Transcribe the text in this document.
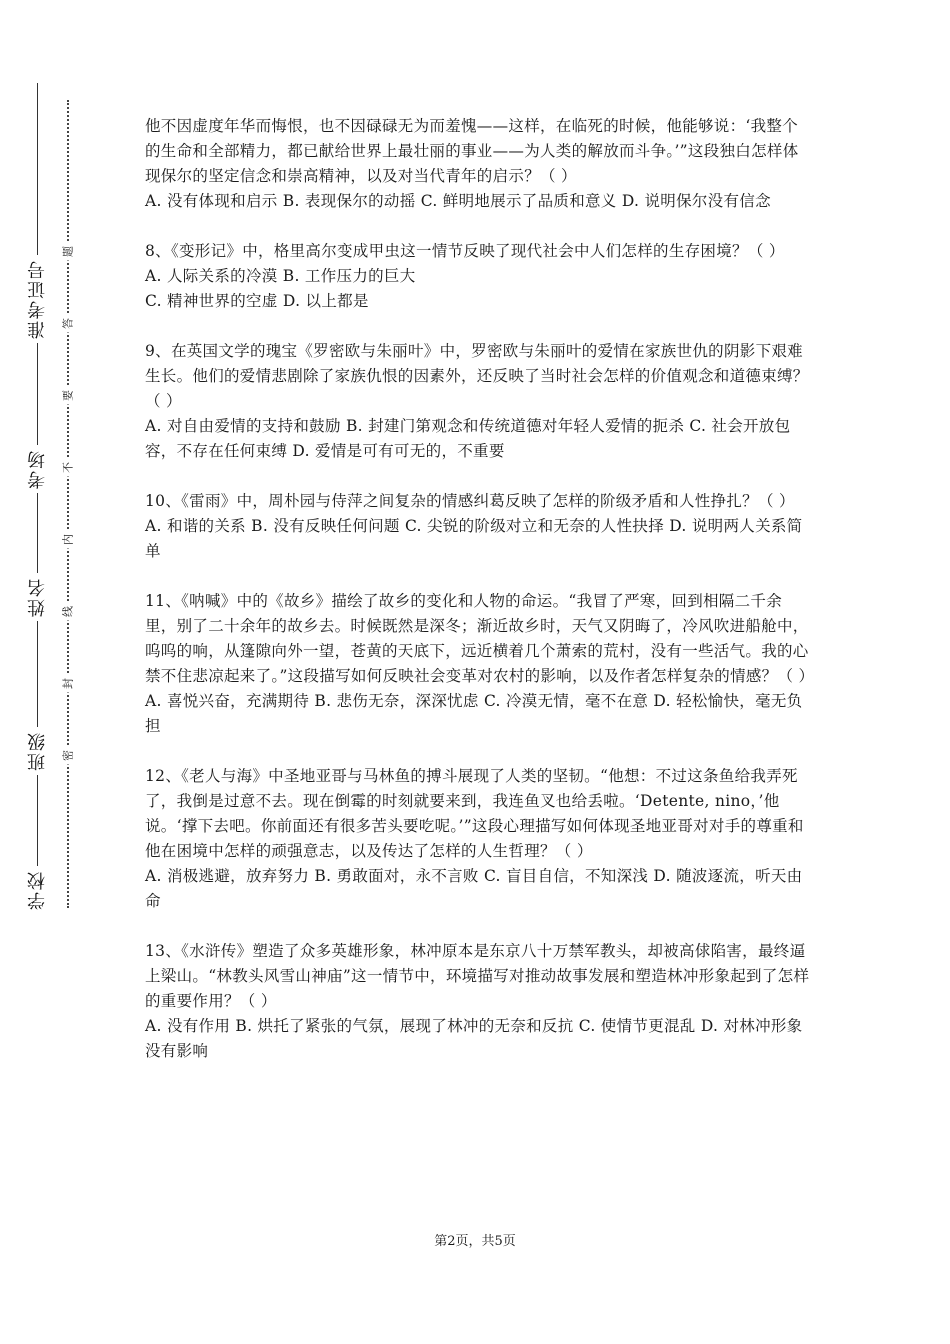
学校
班级
姓名
考场
准考证号
密
封
线
内
不
要
答
题

他不因虚度年华而悔恨，也不因碌碌无为而羞愧——这样，在临死的时候，他能够说：‘我整个的生命和全部精力，都已献给世界上最壮丽的事业——为人类的解放而斗争。’”这段独白怎样体现保尔的坚定信念和崇高精神，以及对当代青年的启示？（ ）

A. 没有体现和启示 B. 表现保尔的动摇 C. 鲜明地展示了品质和意义 D. 说明保尔没有信念

8、《变形记》中，格里高尔变成甲虫这一情节反映了现代社会中人们怎样的生存困境？（ ）

A. 人际关系的冷漠 B. 工作压力的巨大

C. 精神世界的空虚 D. 以上都是

9、在英国文学的瑰宝《罗密欧与朱丽叶》中，罗密欧与朱丽叶的爱情在家族世仇的阴影下艰难生长。他们的爱情悲剧除了家族仇恨的因素外，还反映了当时社会怎样的价值观念和道德束缚？（ ）

A. 对自由爱情的支持和鼓励 B. 封建门第观念和传统道德对年轻人爱情的扼杀 C. 社会开放包容，不存在任何束缚 D. 爱情是可有可无的，不重要

10、《雷雨》中，周朴园与侍萍之间复杂的情感纠葛反映了怎样的阶级矛盾和人性挣扎？（ ）

A. 和谐的关系 B. 没有反映任何问题 C. 尖锐的阶级对立和无奈的人性抉择 D. 说明两人关系简单

11、《呐喊》中的《故乡》描绘了故乡的变化和人物的命运。“我冒了严寒，回到相隔二千余里，别了二十余年的故乡去。时候既然是深冬；渐近故乡时，天气又阴晦了，冷风吹进船舱中，呜呜的响，从篷隙向外一望，苍黄的天底下，远近横着几个萧索的荒村，没有一些活气。我的心禁不住悲凉起来了。”这段描写如何反映社会变革对农村的影响，以及作者怎样复杂的情感？（ ）

A. 喜悦兴奋，充满期待 B. 悲伤无奈，深深忧虑 C. 冷漠无情，毫不在意 D. 轻松愉快，毫无负担

12、《老人与海》中圣地亚哥与马林鱼的搏斗展现了人类的坚韧。“他想：不过这条鱼给我弄死了，我倒是过意不去。现在倒霉的时刻就要来到，我连鱼叉也给丢啦。‘Detente, nino，’他说。‘撑下去吧。你前面还有很多苦头要吃呢。’”这段心理描写如何体现圣地亚哥对对手的尊重和他在困境中怎样的顽强意志，以及传达了怎样的人生哲理？（ ）

A. 消极逃避，放弃努力 B. 勇敢面对，永不言败 C. 盲目自信，不知深浅 D. 随波逐流，听天由命

13、《水浒传》塑造了众多英雄形象，林冲原本是东京八十万禁军教头，却被高俅陷害，最终逼上梁山。“林教头风雪山神庙”这一情节中，环境描写对推动故事发展和塑造林冲形象起到了怎样的重要作用？（ ）

A. 没有作用 B. 烘托了紧张的气氛，展现了林冲的无奈和反抗 C. 使情节更混乱 D. 对林冲形象没有影响

第2页，共5页
